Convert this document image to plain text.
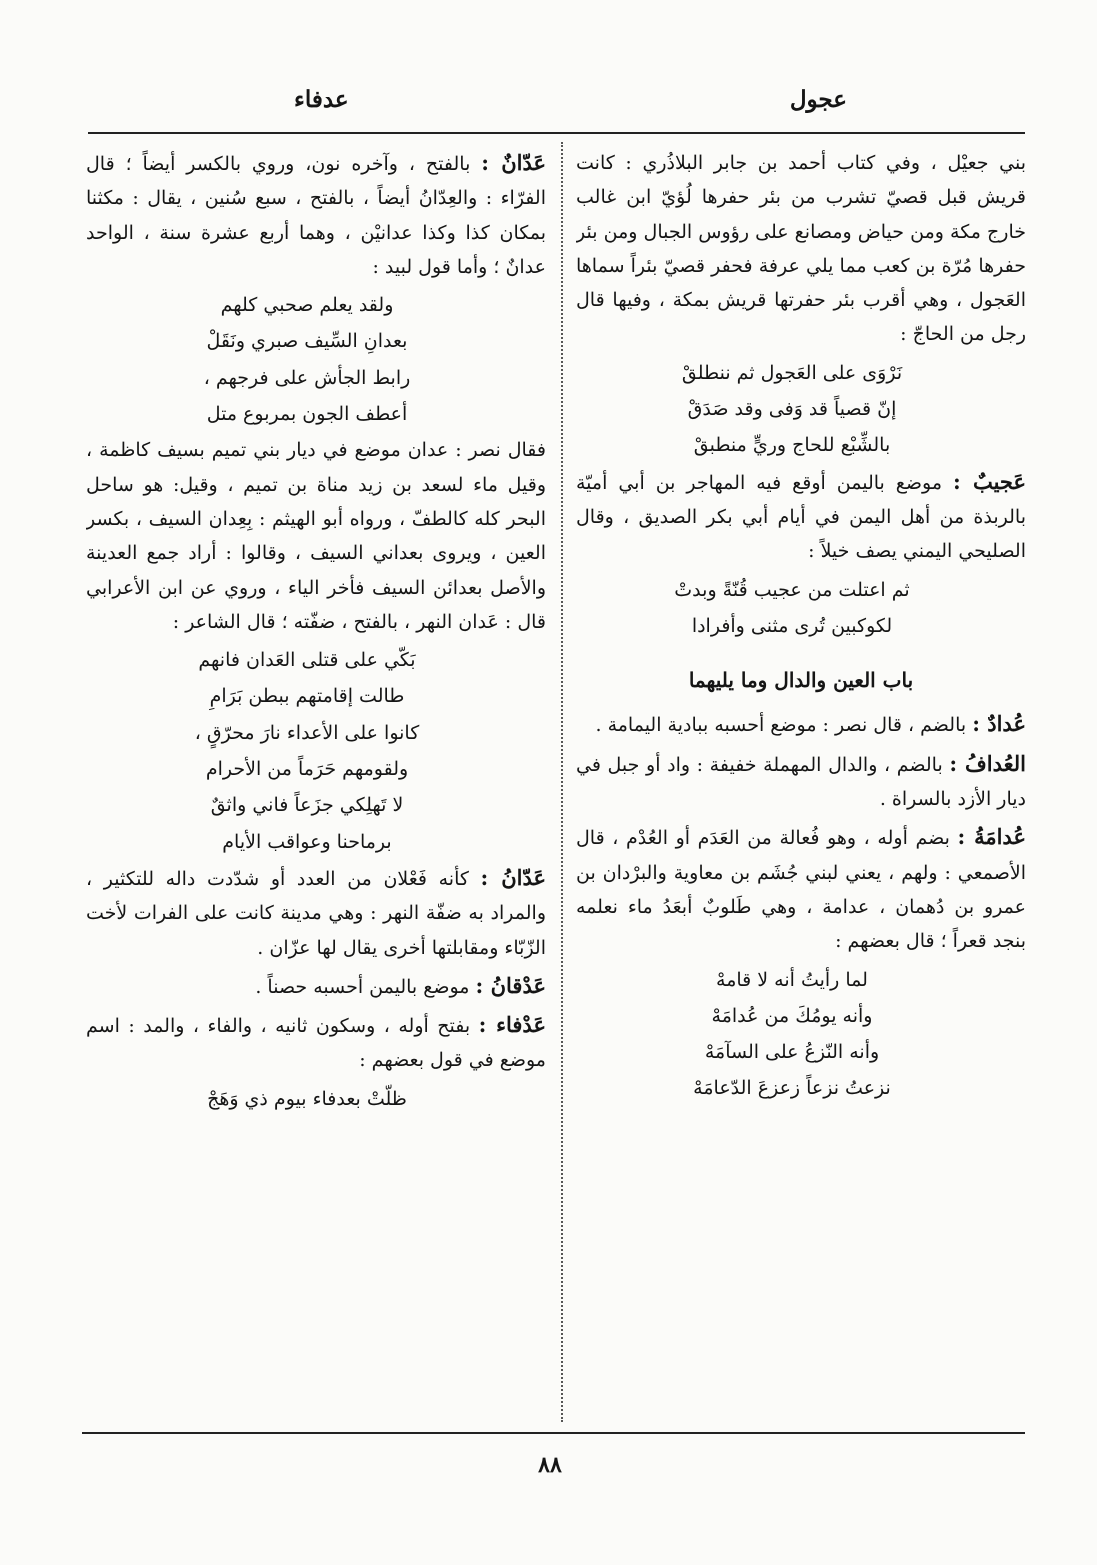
عجول
عدفاء

بني جعيْل ، وفي كتاب أحمد بن جابر البلاذُري : كانت قريش قبل قصيّ تشرب من بئر حفرها لُؤيّ ابن غالب خارج مكة ومن حياض ومصانع على رؤوس الجبال ومن بئر حفرها مُرّة بن كعب مما يلي عرفة فحفر قصيّ بئراً سماها العَجول ، وهي أقرب بئر حفرتها قريش بمكة ، وفيها قال رجل من الحاجّ :

نَرْوَى على العَجول ثم ننطلقْ
إنّ قصياً قد وَفى وقد صَدَقْ
بالشِّبْع للحاج وريٍّ منطبقْ

عَجيبٌ : موضع باليمن أوقع فيه المهاجر بن أبي أميّة بالربذة من أهل اليمن في أيام أبي بكر الصديق ، وقال الصليحي اليمني يصف خيلاً :

ثم اعتلت من عجيب قُنّةً وبدتْ
لكوكبين تُرى مثنى وأفرادا
باب العين والدال وما يليهما

عُدادٌ : بالضم ، قال نصر : موضع أحسبه ببادية اليمامة .

العُدافُ : بالضم ، والدال المهملة خفيفة : واد أو جبل في ديار الأزد بالسراة .

عُدامَةُ : بضم أوله ، وهو فُعالة من العَدَم أو العُدْم ، قال الأصمعي : ولهم ، يعني لبني جُشَم بن معاوية والبرْدان بن عمرو بن دُهمان ، عدامة ، وهي طَلوبٌ أبعَدُ ماء نعلمه بنجد قعراً ؛ قال بعضهم :

لما رأيتُ أنه لا قامهْ
وأنه يومُكَ من عُدامَهْ
وأنه النّزعُ على السآمَهْ
نزعتُ نزعاً زعزعَ الدّعامَهْ

عَدّانٌ : بالفتح ، وآخره نون، وروي بالكسر أيضاً ؛ قال الفرّاء : والعِدّانُ أيضاً ، بالفتح ، سبع سُنين ، يقال : مكثنا بمكان كذا وكذا عدانيْن ، وهما أربع عشرة سنة ، الواحد عدانٌ ؛ وأما قول لبيد :

ولقد يعلم صحبي كلهم
بعدانِ السِّيف صبري ونَقَلْ
رابط الجأش على فرجهم ،
أعطف الجون بمربوع متل

فقال نصر : عدان موضع في ديار بني تميم بسيف كاظمة ، وقيل ماء لسعد بن زيد مناة بن تميم ، وقيل: هو ساحل البحر كله كالطفّ ، ورواه أبو الهيثم : بِعِدان السيف ، بكسر العين ، ويروى بعداني السيف ، وقالوا : أراد جمع العدينة والأصل بعدائن السيف فأخر الياء ، وروي عن ابن الأعرابي قال : عَدان النهر ، بالفتح ، ضفّته ؛ قال الشاعر :

بَكّي على قتلى العَدان فانهم
طالت إقامتهم ببطن بَرَامِ
كانوا على الأعداء نارَ محرّقٍ ،
ولقومهم حَرَماً من الأحرام
لا تَهلِكي جزَعاً فاني واثقٌ
برماحنا وعواقب الأيام

عَدّانُ : كأنه فَعْلان من العدد أو شدّدت داله للتكثير ، والمراد به ضفّة النهر : وهي مدينة كانت على الفرات لأخت الزّبّاء ومقابلتها أخرى يقال لها عزّان .

عَدْقانُ : موضع باليمن أحسبه حصناً .

عَدْفاء : بفتح أوله ، وسكون ثانيه ، والفاء ، والمد : اسم موضع في قول بعضهم :

ظلّتْ بعدفاء بيوم ذي وَهَجْ
٨٨
